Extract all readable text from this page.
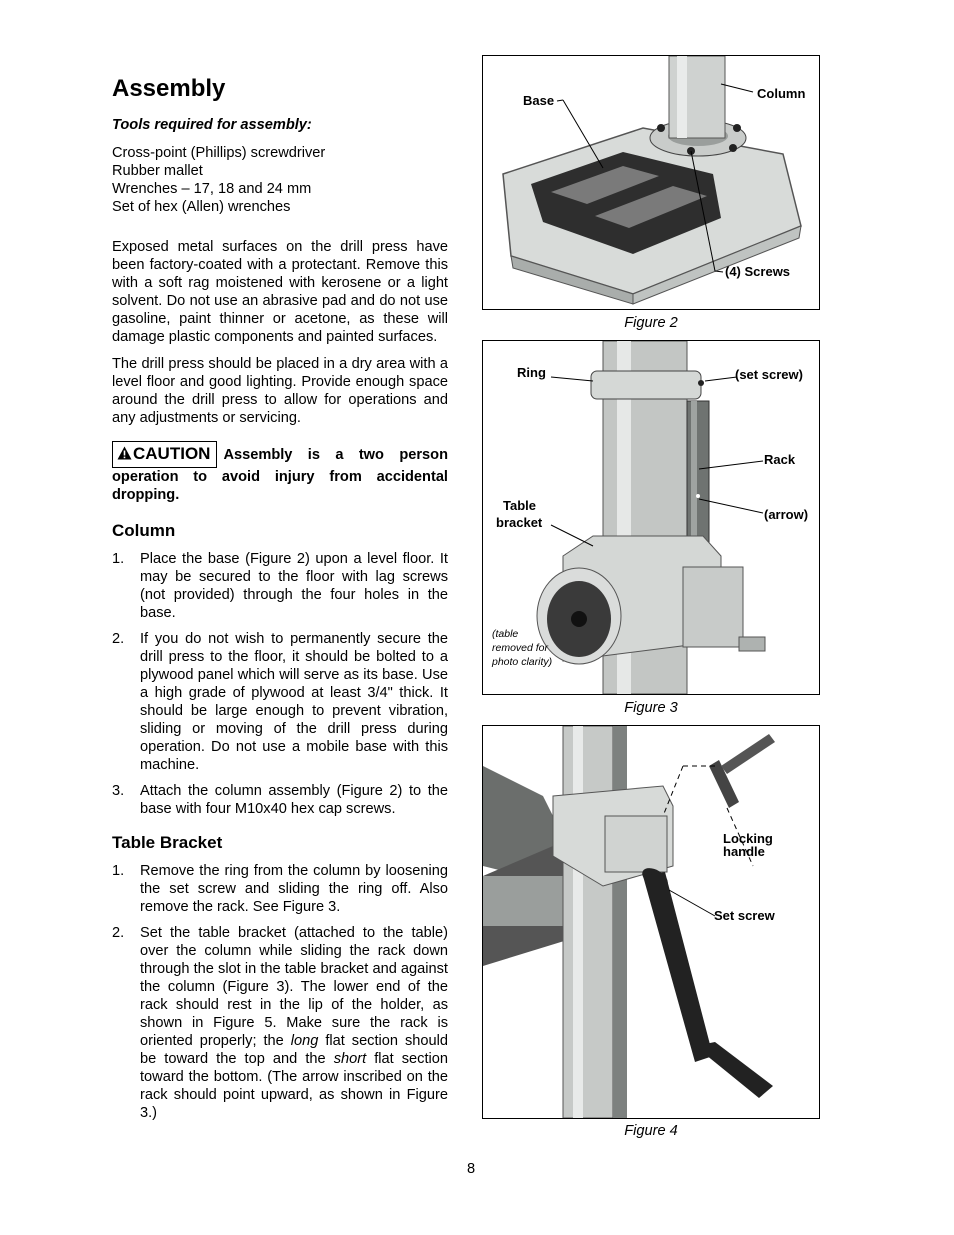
Assembly
Tools required for assembly:
Cross-point (Phillips) screwdriver
Rubber mallet
Wrenches – 17, 18 and 24 mm
Set of hex (Allen) wrenches

Exposed metal surfaces on the drill press have been factory-coated with a protectant. Remove this with a soft rag moistened with kerosene or a light solvent. Do not use an abrasive pad and do not use gasoline, paint thinner or acetone, as these will damage plastic components and painted surfaces.

The drill press should be placed in a dry area with a level floor and good lighting. Provide enough space around the drill press to allow for operations and any adjustments or servicing.

CAUTION Assembly is a two person operation to avoid injury from accidental dropping.
Column
1.	Place the base (Figure 2) upon a level floor. It may be secured to the floor with lag screws (not provided) through the four holes in the base.
2.	If you do not wish to permanently secure the drill press to the floor, it should be bolted to a plywood panel which will serve as its base. Use a high grade of plywood at least 3/4" thick. It should be large enough to prevent vibration, sliding or moving of the drill press during operation. Do not use a mobile base with this machine.
3.	Attach the column assembly (Figure 2) to the base with four M10x40 hex cap screws.
Table Bracket
1.	Remove the ring from the column by loosening the set screw and sliding the ring off. Also remove the rack. See Figure 3.
2.	Set the table bracket (attached to the table) over the column while sliding the rack down through the slot in the table bracket and against the column (Figure 3). The lower end of the rack should rest in the lip of the holder, as shown in Figure 5. Make sure the rack is oriented properly; the long flat section should be toward the top and the short flat section toward the bottom. (The arrow inscribed on the rack should point upward, as shown in Figure 3.)
Base	Column
(4) Screws
Figure 2
Ring	(set screw)
Rack
(arrow)
Table
bracket
(table
removed for
photo clarity)
Figure 3
Locking
handle
Set screw
Figure 4
8
